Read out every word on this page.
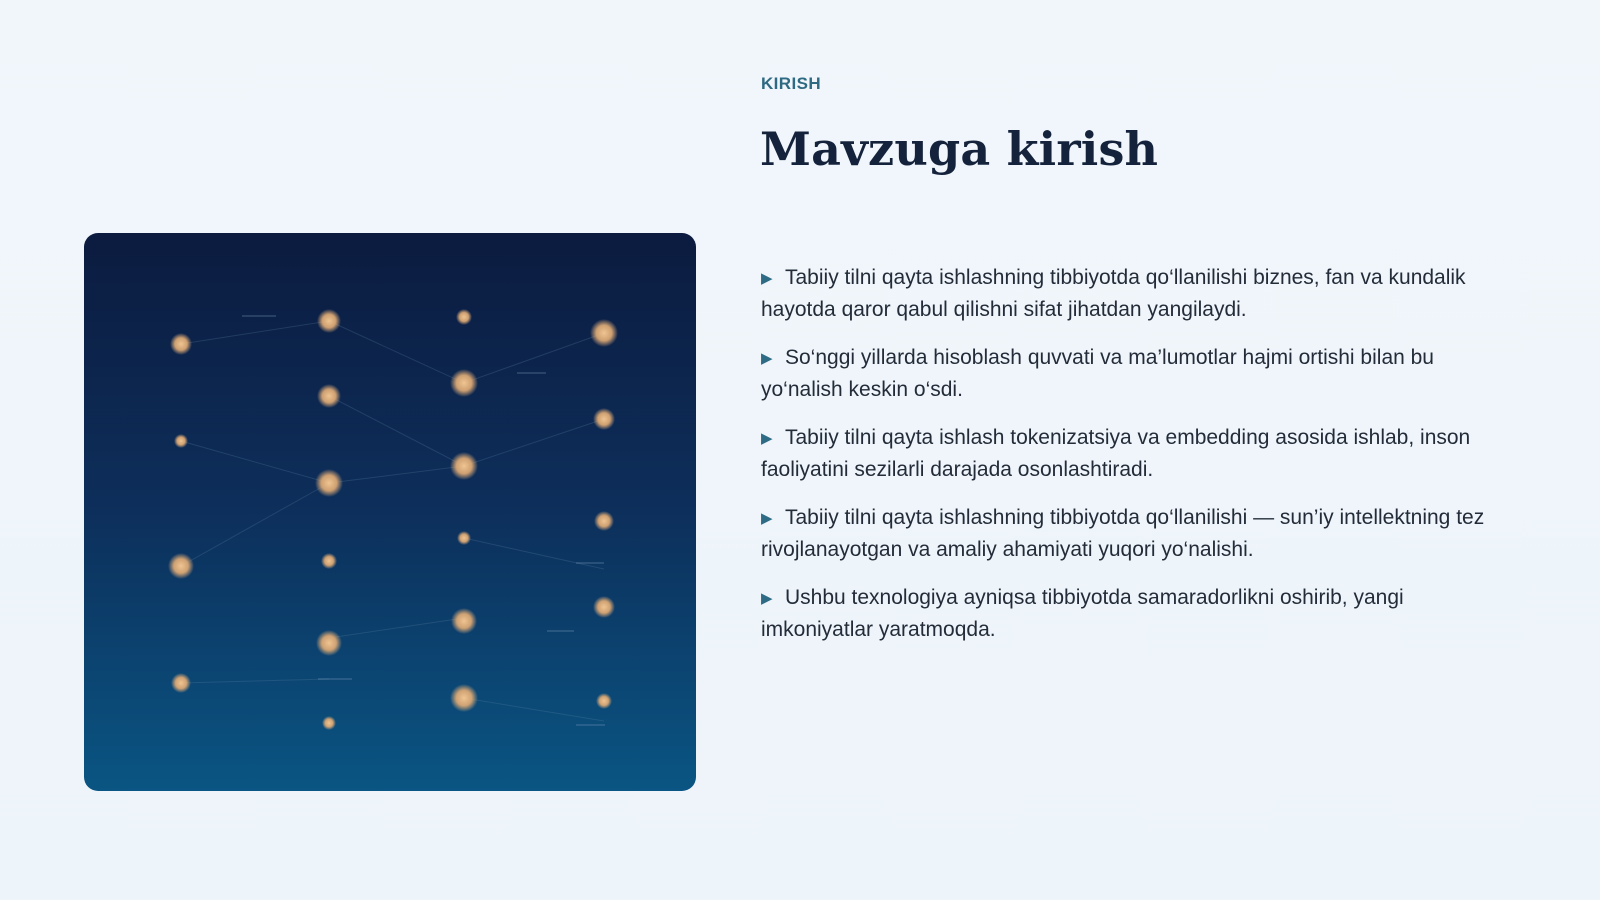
KIRISH
Mavzuga kirish
▶ Tabiiy tilni qayta ishlashning tibbiyotda qo‘llanilishi biznes, fan va kundalik hayotda qaror qabul qilishni sifat jihatdan yangilaydi.
▶ So‘nggi yillarda hisoblash quvvati va ma’lumotlar hajmi ortishi bilan bu yo‘nalish keskin o‘sdi.
▶ Tabiiy tilni qayta ishlash tokenizatsiya va embedding asosida ishlab, inson faoliyatini sezilarli darajada osonlashtiradi.
▶ Tabiiy tilni qayta ishlashning tibbiyotda qo‘llanilishi — sun’iy intellektning tez rivojlanayotgan va amaliy ahamiyati yuqori yo‘nalishi.
▶ Ushbu texnologiya ayniqsa tibbiyotda samaradorlikni oshirib, yangi imkoniyatlar yaratmoqda.
